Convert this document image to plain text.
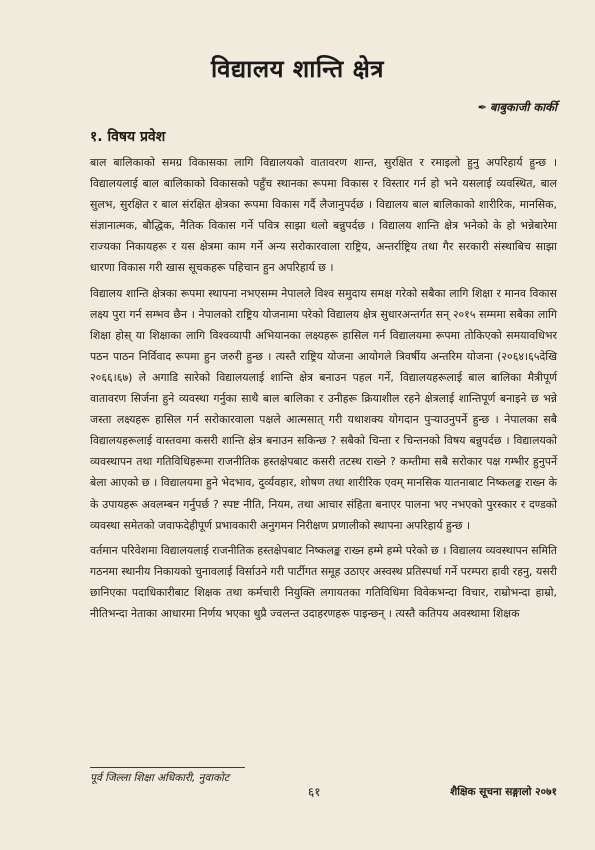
विद्यालय शान्ति क्षेत्र
✒ बाबुकाजी कार्की
१. विषय प्रवेश

बाल बालिकाको समग्र विकासका लागि विद्यालयको वातावरण शान्त, सुरक्षित र रमाइलो हुनु अपरिहार्य हुन्छ । विद्यालयलाई बाल बालिकाको विकासको पहुँच स्थानका रूपमा विकास र विस्तार गर्न हो भने यसलाई व्यवस्थित, बाल सुलभ, सुरक्षित र बाल संरक्षित क्षेत्रका रूपमा विकास गर्दै लैजानुपर्दछ । विद्यालय बाल बालिकाको शारीरिक, मानसिक, संज्ञानात्मक, बौद्धिक, नैतिक विकास गर्ने पवित्र साझा थलो बन्नुपर्दछ । विद्यालय शान्ति क्षेत्र भनेको के हो भन्नेबारेमा राज्यका निकायहरू र यस क्षेत्रमा काम गर्ने अन्य सरोकारवाला राष्ट्रिय, अन्तर्राष्ट्रिय तथा गैर सरकारी संस्थाबिच साझा धारणा विकास गरी खास सूचकहरू पहिचान हुन अपरिहार्य छ ।

विद्यालय शान्ति क्षेत्रका रूपमा स्थापना नभएसम्म नेपालले विश्व समुदाय समक्ष गरेको सबैका लागि शिक्षा र मानव विकास लक्ष्य पुरा गर्न सम्भव छैन । नेपालको राष्ट्रिय योजनामा परेको विद्यालय क्षेत्र सुधारअन्तर्गत सन् २०१५ सम्ममा सबैका लागि शिक्षा होस् या शिक्षाका लागि विश्वव्यापी अभियानका लक्ष्यहरू हासिल गर्न विद्यालयमा रूपमा तोकिएको समयावधिभर पठन पाठन निर्विवाद रूपमा हुन जरुरी हुन्छ । त्यस्तै राष्ट्रिय योजना आयोगले त्रिवर्षीय अन्तरिम योजना (२०६४।६५देखि २०६६।६७) ले अगाडि सारेको विद्यालयलाई शान्ति क्षेत्र बनाउन पहल गर्ने, विद्यालयहरूलाई बाल बालिका मैत्रीपूर्ण वातावरण सिर्जना हुने व्यवस्था गर्नुका साथै बाल बालिका र उनीहरू क्रियाशील रहने क्षेत्रलाई शान्तिपूर्ण बनाइने छ भन्ने जस्ता लक्ष्यहरू हासिल गर्न सरोकारवाला पक्षले आत्मसात् गरी यथाशक्य योगदान पुऱ्याउनुपर्ने हुन्छ । नेपालका सबै विद्यालयहरूलाई वास्तवमा कसरी शान्ति क्षेत्र बनाउन सकिन्छ ? सबैको चिन्ता र चिन्तनको विषय बन्नुपर्दछ । विद्यालयको व्यवस्थापन तथा गतिविधिहरूमा राजनीतिक हस्तक्षेपबाट कसरी तटस्थ राख्ने ? कम्तीमा सबै सरोकार पक्ष गम्भीर हुनुपर्ने बेला आएको छ । विद्यालयमा हुने भेदभाव, दुर्व्यवहार, शोषण तथा शारीरिक एवम् मानसिक यातनाबाट निष्कलङ्क राख्न के के उपायहरू अवलम्बन गर्नुपर्छ ? स्पष्ट नीति, नियम, तथा आचार संहिता बनाएर पालना भए नभएको पुरस्कार र दण्डको व्यवस्था समेतको जवाफदेहीपूर्ण प्रभावकारी अनुगमन निरीक्षण प्रणालीको स्थापना अपरिहार्य हुन्छ ।

वर्तमान परिवेशमा विद्यालयलाई राजनीतिक हस्तक्षेपबाट निष्कलङ्क राख्न हम्मे हम्मे परेको छ । विद्यालय व्यवस्थापन समिति गठनमा स्थानीय निकायको चुनावलाई विर्साउने गरी पार्टीगत समूह उठाएर अस्वस्थ प्रतिस्पर्धा गर्ने परम्परा हावी रहनु, यसरी छानिएका पदाधिकारीबाट शिक्षक तथा कर्मचारी नियुक्ति लगायतका गतिविधिमा विवेकभन्दा विचार, राम्रोभन्दा हाम्रो, नीतिभन्दा नेताका आधारमा निर्णय भएका थुप्रै ज्वलन्त उदाहरणहरू पाइन्छन् । त्यस्तै कतिपय अवस्थामा शिक्षक

पूर्व जिल्ला शिक्षा अधिकारी, नुवाकोट
६१	शैक्षिक सूचना सङ्गालो २०७१
